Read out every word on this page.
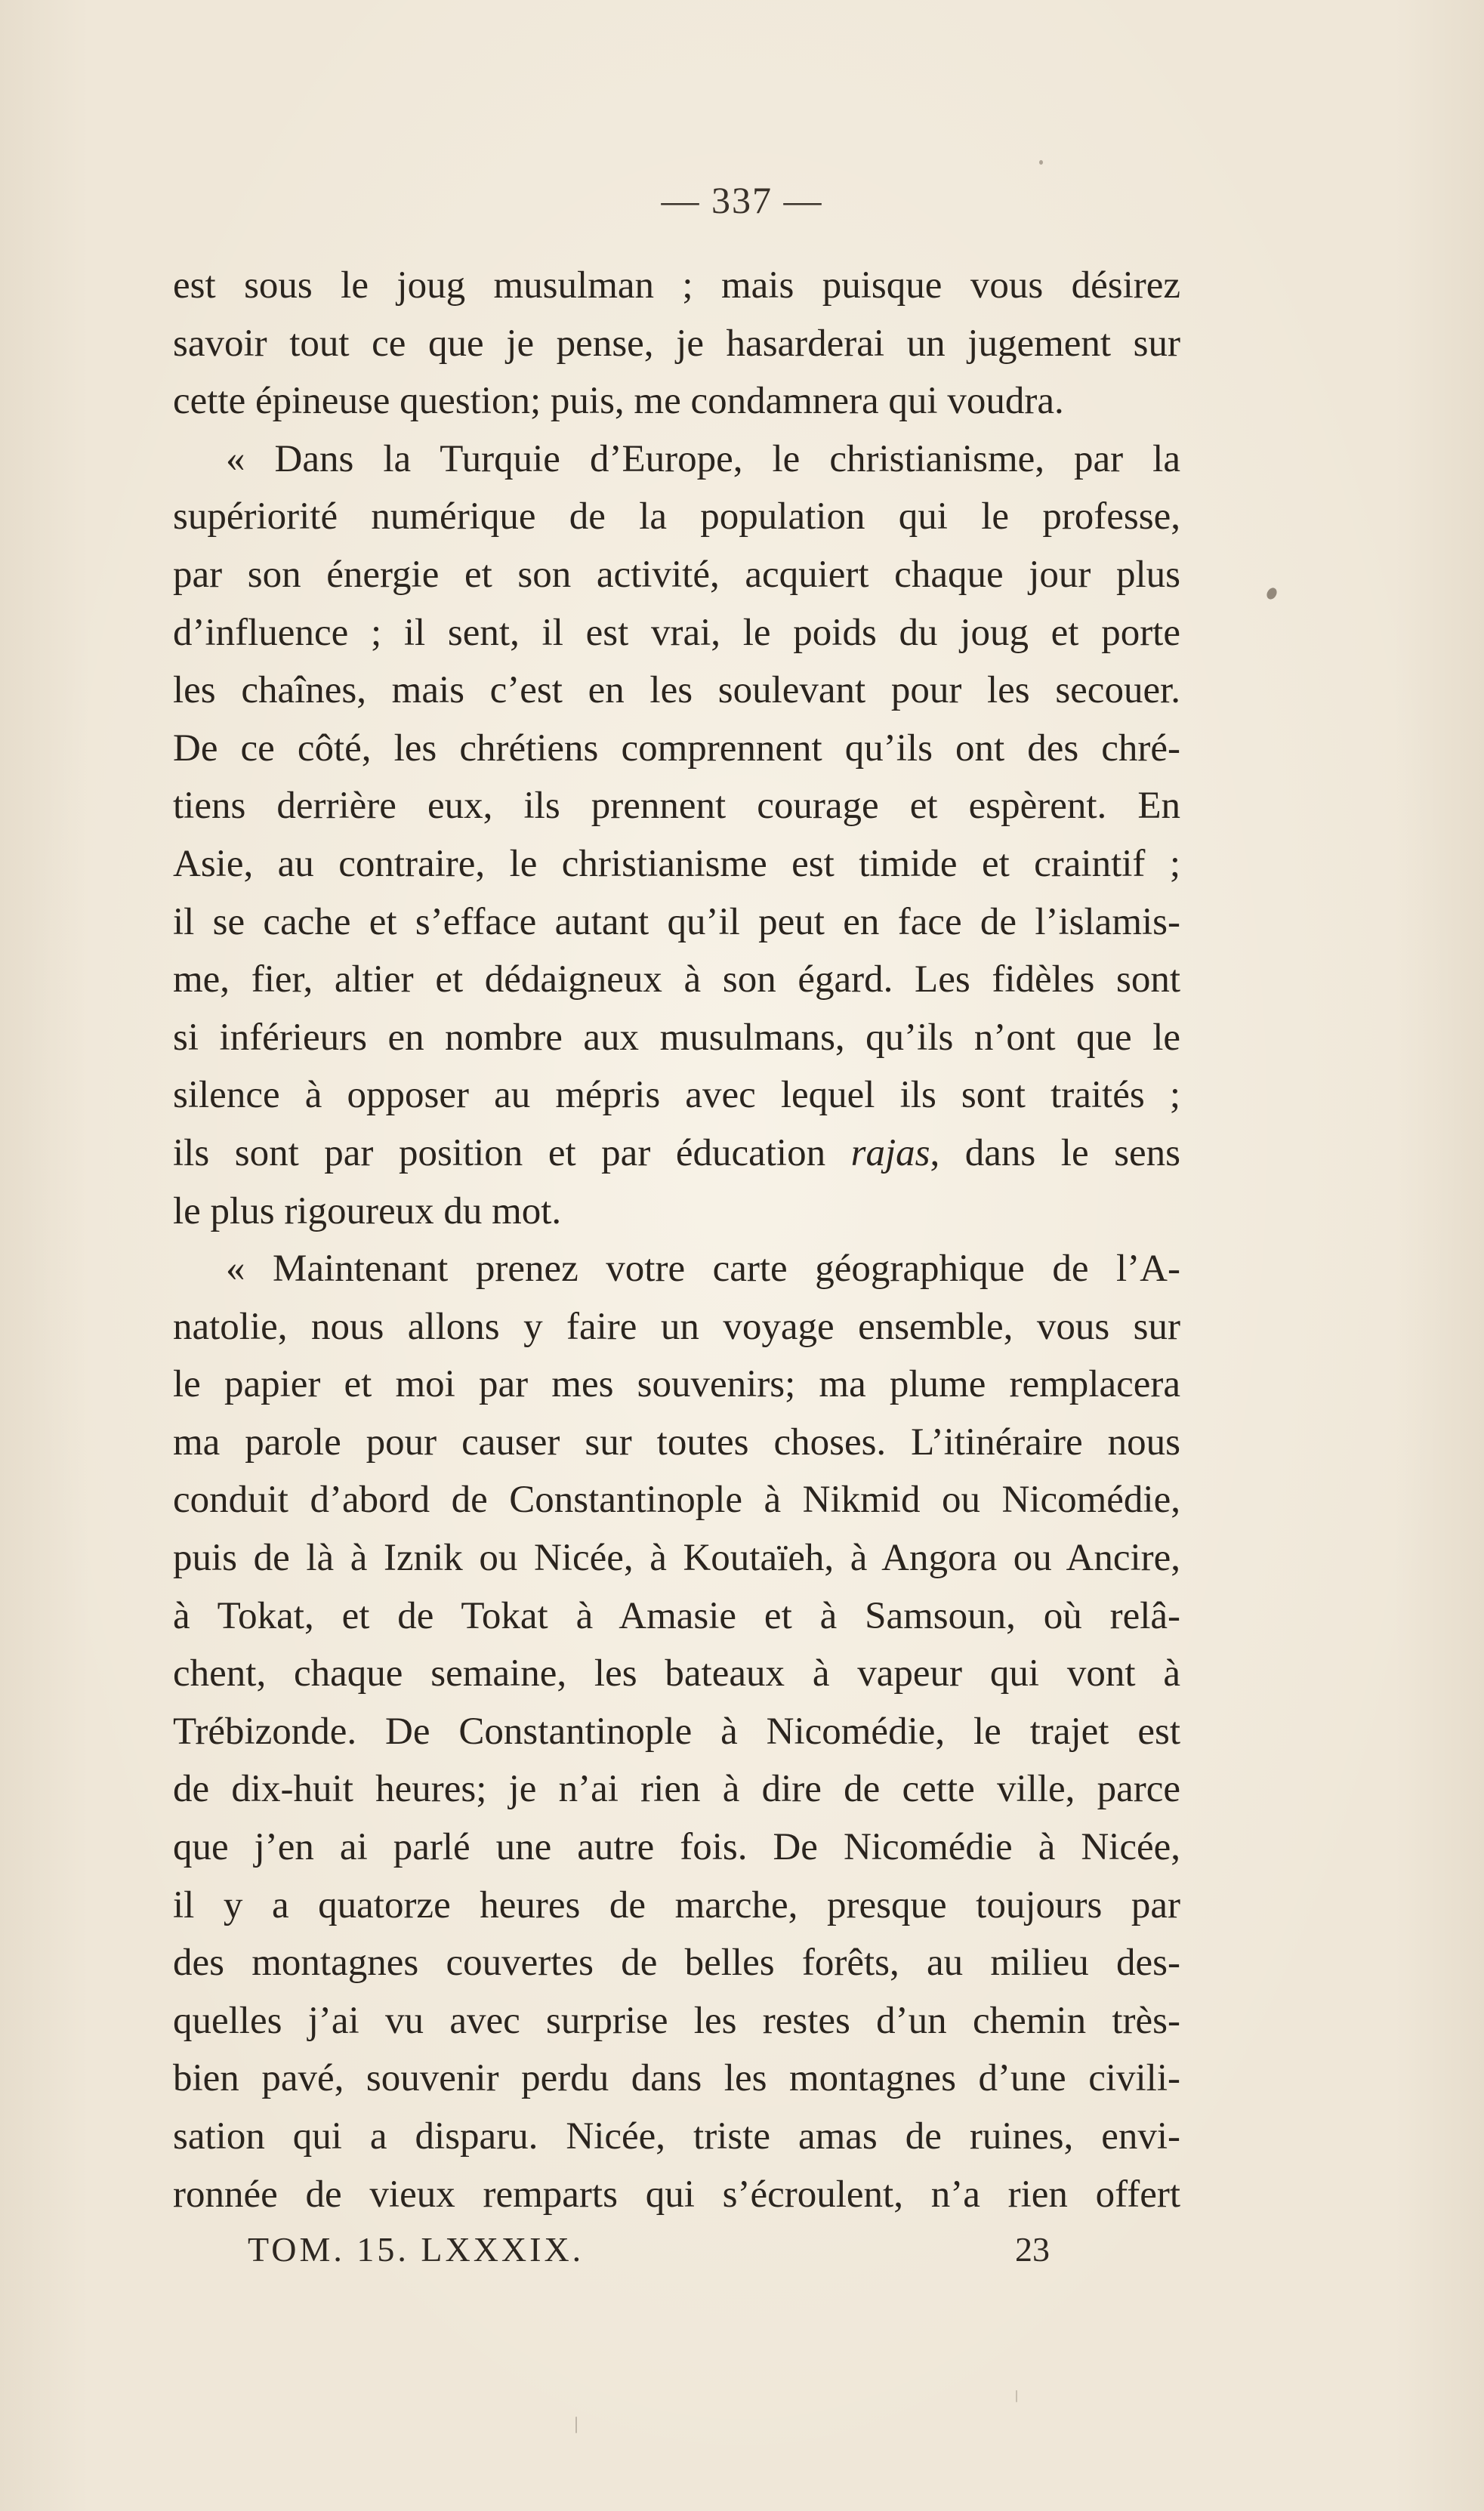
— 337 —
est sous le joug musulman ; mais puisque vous désirez
savoir tout ce que je pense, je hasarderai un jugement sur
cette épineuse question; puis, me condamnera qui voudra.
« Dans la Turquie d’Europe, le christianisme, par la
supériorité numérique de la population qui le professe,
par son énergie et son activité, acquiert chaque jour plus
d’influence ; il sent, il est vrai, le poids du joug et porte
les chaînes, mais c’est en les soulevant pour les secouer.
De ce côté, les chrétiens comprennent qu’ils ont des chré-
tiens derrière eux, ils prennent courage et espèrent. En
Asie, au contraire, le christianisme est timide et craintif ;
il se cache et s’efface autant qu’il peut en face de l’islamis-
me, fier, altier et dédaigneux à son égard. Les fidèles sont
si inférieurs en nombre aux musulmans, qu’ils n’ont que le
silence à opposer au mépris avec lequel ils sont traités ;
ils sont par position et par éducation rajas, dans le sens
le plus rigoureux du mot.
« Maintenant prenez votre carte géographique de l’A-
natolie, nous allons y faire un voyage ensemble, vous sur
le papier et moi par mes souvenirs; ma plume remplacera
ma parole pour causer sur toutes choses. L’itinéraire nous
conduit d’abord de Constantinople à Nikmid ou Nicomédie,
puis de là à Iznik ou Nicée, à Koutaïeh, à Angora ou Ancire,
à Tokat, et de Tokat à Amasie et à Samsoun, où relâ-
chent, chaque semaine, les bateaux à vapeur qui vont à
Trébizonde. De Constantinople à Nicomédie, le trajet est
de dix-huit heures; je n’ai rien à dire de cette ville, parce
que j’en ai parlé une autre fois. De Nicomédie à Nicée,
il y a quatorze heures de marche, presque toujours par
des montagnes couvertes de belles forêts, au milieu des-
quelles j’ai vu avec surprise les restes d’un chemin très-
bien pavé, souvenir perdu dans les montagnes d’une civili-
sation qui a disparu. Nicée, triste amas de ruines, envi-
ronnée de vieux remparts qui s’écroulent, n’a rien offert
TOM. 15. LXXXIX.	23
